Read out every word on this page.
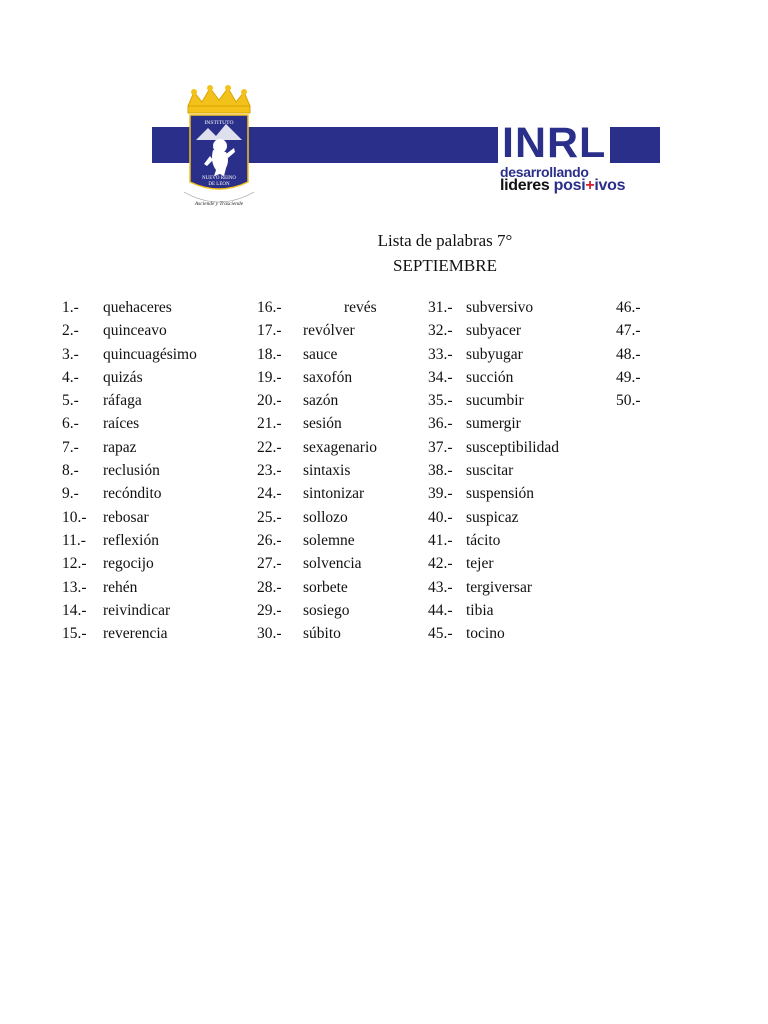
INSTITUTO
NUEVO REINO
DE LEON
Asciende y Trasciende
INRL
desarrollando
lideres posi+ivos
Lista de palabras 7°
SEPTIEMBRE
1.- quehaceres
2.- quinceavo
3.- quincuagésimo
4.- quizás
5.- ráfaga
6.- raíces
7.- rapaz
8.- reclusión
9.- recóndito
10.- rebosar
11.- reflexión
12.- regocijo
13.- rehén
14.- reivindicar
15.- reverencia
16.-	revés
17.- revólver
18.- sauce
19.- saxofón
20.- sazón
21.- sesión
22.- sexagenario
23.- sintaxis
24.- sintonizar
25.- sollozo
26.- solemne
27.- solvencia
28.- sorbete
29.- sosiego
30.- súbito
31.- subversivo
32.- subyacer
33.- subyugar
34.- succión
35.- sucumbir
36.- sumergir
37.- susceptibilidad
38.- suscitar
39.- suspensión
40.- suspicaz
41.- tácito
42.- tejer
43.- tergiversar
44.- tibia
45.- tocino
46.-
47.-
48.-
49.-
50.-
